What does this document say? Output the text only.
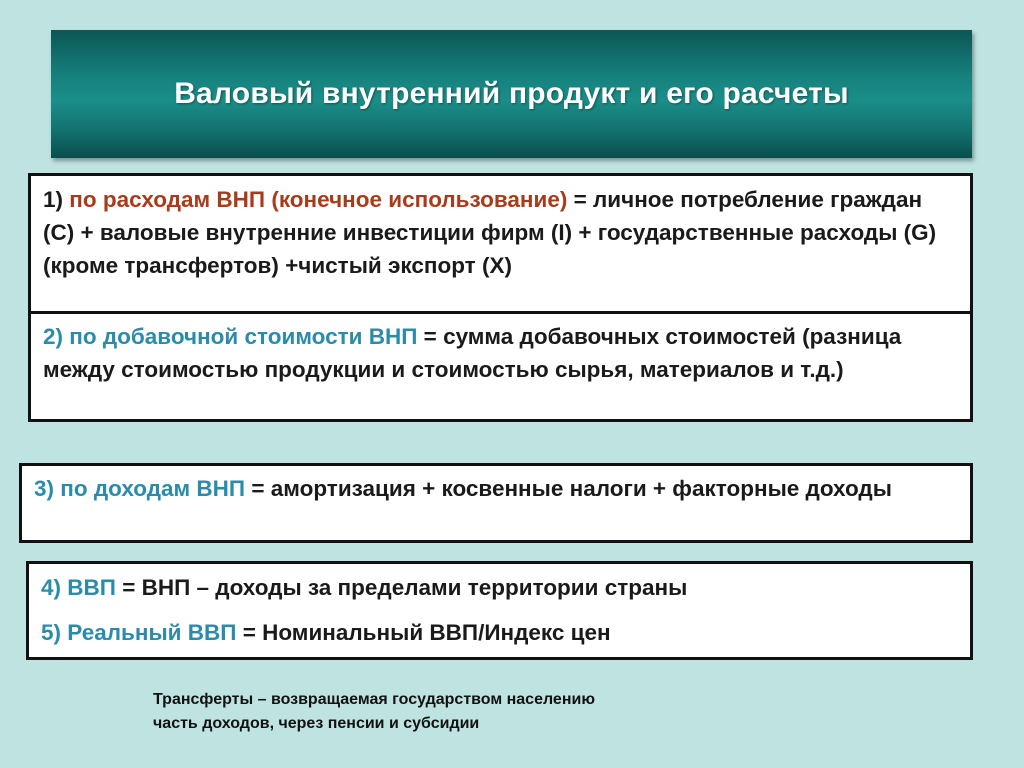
Валовый внутренний продукт и его расчеты
1) по расходам ВНП (конечное использование) = личное потребление граждан (С) + валовые внутренние инвестиции фирм (I) + государственные расходы (G) (кроме трансфертов) +чистый экспорт (Х)
2) по добавочной стоимости ВНП = сумма добавочных стоимостей (разница между стоимостью продукции и стоимостью сырья, материалов и т.д.)
3) по доходам ВНП = амортизация + косвенные налоги + факторные доходы
4) ВВП = ВНП – доходы за пределами территории страны
5) Реальный ВВП = Номинальный ВВП/Индекс цен
Трансферты – возвращаемая государством населению
часть доходов, через пенсии и субсидии
